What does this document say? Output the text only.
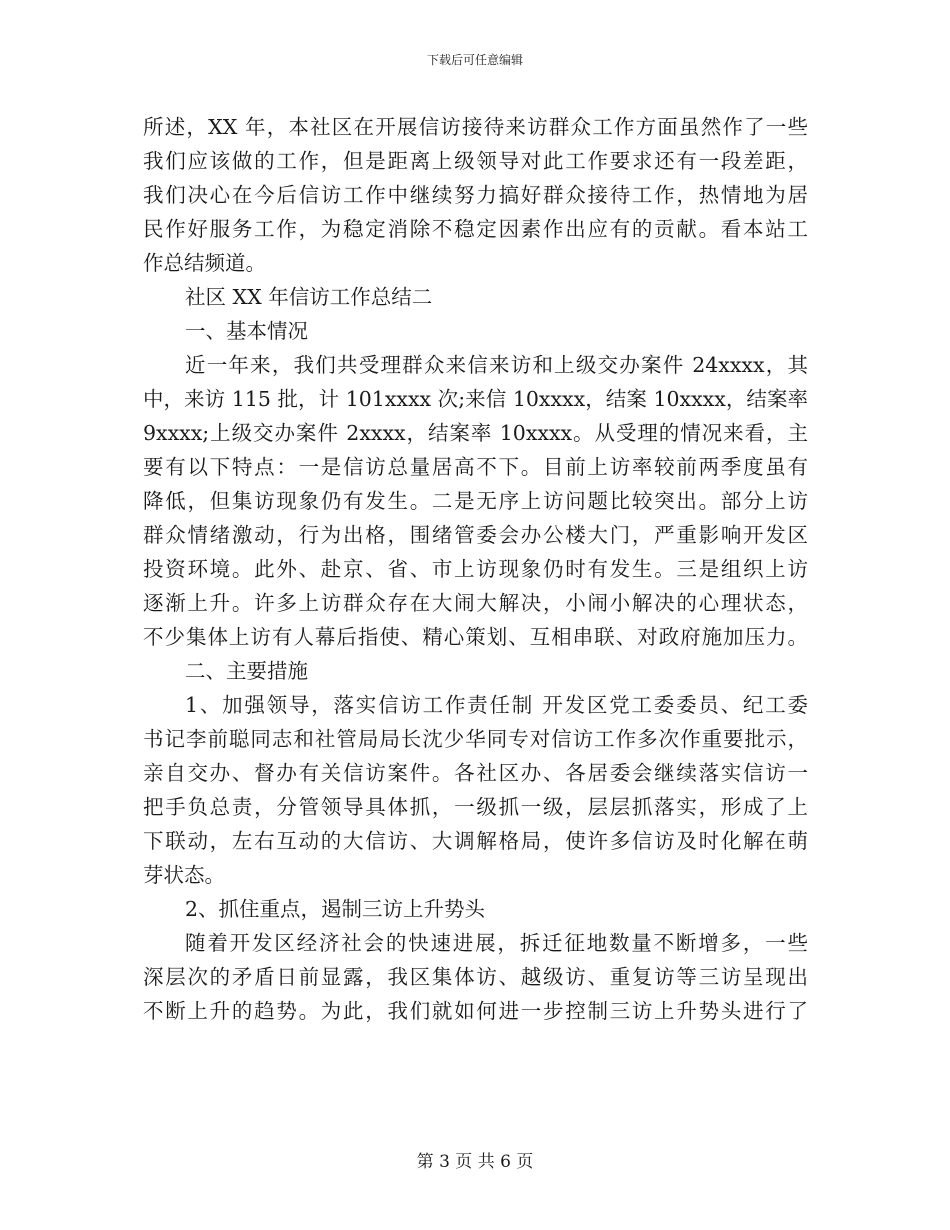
下载后可任意编辑
所述，XX 年，本社区在开展信访接待来访群众工作方面虽然作了一些
我们应该做的工作，但是距离上级领导对此工作要求还有一段差距，
我们决心在今后信访工作中继续努力搞好群众接待工作，热情地为居
民作好服务工作，为稳定消除不稳定因素作出应有的贡献。看本站工
作总结频道。
社区 XX 年信访工作总结二
一、基本情况
近一年来，我们共受理群众来信来访和上级交办案件 24xxxx，其
中，来访 115 批，计 101xxxx 次;来信 10xxxx，结案 10xxxx，结案率
9xxxx;上级交办案件 2xxxx，结案率 10xxxx。从受理的情况来看，主
要有以下特点：一是信访总量居高不下。目前上访率较前两季度虽有
降低，但集访现象仍有发生。二是无序上访问题比较突出。部分上访
群众情绪激动，行为出格，围绪管委会办公楼大门，严重影响开发区
投资环境。此外、赴京、省、市上访现象仍时有发生。三是组织上访
逐渐上升。许多上访群众存在大闹大解决，小闹小解决的心理状态，
不少集体上访有人幕后指使、精心策划、互相串联、对政府施加压力。
二、主要措施
1、加强领导，落实信访工作责任制 开发区党工委委员、纪工委
书记李前聪同志和社管局局长沈少华同专对信访工作多次作重要批示，
亲自交办、督办有关信访案件。各社区办、各居委会继续落实信访一
把手负总责，分管领导具体抓，一级抓一级，层层抓落实，形成了上
下联动，左右互动的大信访、大调解格局，使许多信访及时化解在萌
芽状态。
2、抓住重点，遏制三访上升势头
随着开发区经济社会的快速进展，拆迁征地数量不断增多，一些
深层次的矛盾日前显露，我区集体访、越级访、重复访等三访呈现出
不断上升的趋势。为此，我们就如何进一步控制三访上升势头进行了
第 3 页 共 6 页
